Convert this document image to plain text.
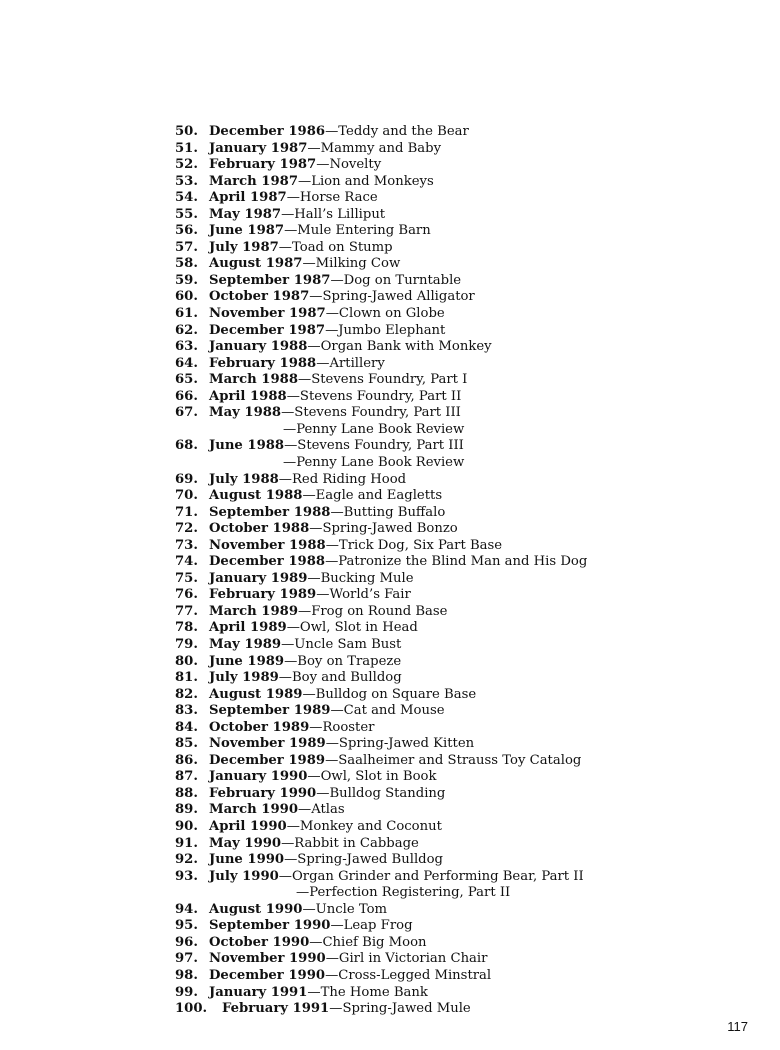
50. December 1986—Teddy and the Bear
51. January 1987—Mammy and Baby
52. February 1987—Novelty
53. March 1987—Lion and Monkeys
54. April 1987—Horse Race
55. May 1987—Hall’s Lilliput
56. June 1987—Mule Entering Barn
57. July 1987—Toad on Stump
58. August 1987—Milking Cow
59. September 1987—Dog on Turntable
60. October 1987—Spring-Jawed Alligator
61. November 1987—Clown on Globe
62. December 1987—Jumbo Elephant
63. January 1988—Organ Bank with Monkey
64. February 1988—Artillery
65. March 1988—Stevens Foundry, Part I
66. April 1988—Stevens Foundry, Part II
67. May 1988—Stevens Foundry, Part III
—Penny Lane Book Review
68. June 1988—Stevens Foundry, Part III
—Penny Lane Book Review
69. July 1988—Red Riding Hood
70. August 1988—Eagle and Eagletts
71. September 1988—Butting Buffalo
72. October 1988—Spring-Jawed Bonzo
73. November 1988—Trick Dog, Six Part Base
74. December 1988—Patronize the Blind Man and His Dog
75. January 1989—Bucking Mule
76. February 1989—World’s Fair
77. March 1989—Frog on Round Base
78. April 1989—Owl, Slot in Head
79. May 1989—Uncle Sam Bust
80. June 1989—Boy on Trapeze
81. July 1989—Boy and Bulldog
82. August 1989—Bulldog on Square Base
83. September 1989—Cat and Mouse
84. October 1989—Rooster
85. November 1989—Spring-Jawed Kitten
86. December 1989—Saalheimer and Strauss Toy Catalog
87. January 1990—Owl, Slot in Book
88. February 1990—Bulldog Standing
89. March 1990—Atlas
90. April 1990—Monkey and Coconut
91. May 1990—Rabbit in Cabbage
92. June 1990—Spring-Jawed Bulldog
93. July 1990—Organ Grinder and Performing Bear, Part II
—Perfection Registering, Part II
94. August 1990—Uncle Tom
95. September 1990—Leap Frog
96. October 1990—Chief Big Moon
97. November 1990—Girl in Victorian Chair
98. December 1990—Cross-Legged Minstral
99. January 1991—The Home Bank
100. February 1991—Spring-Jawed Mule
117
